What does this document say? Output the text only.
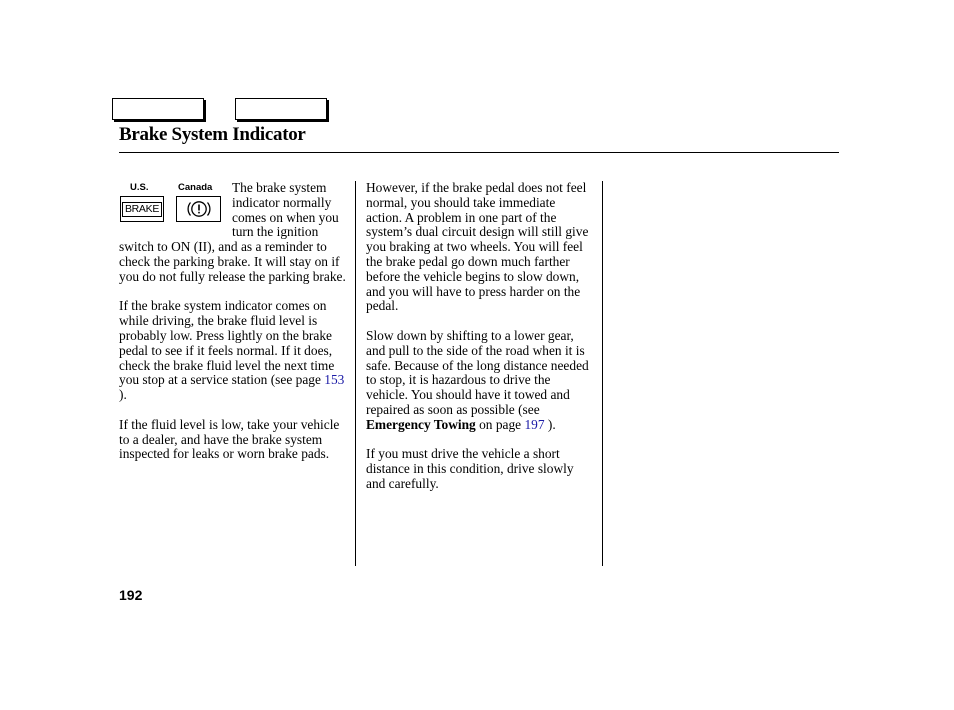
Brake System Indicator

U.S.	Canada
BRAKE
The brake system indicator normally comes on when you turn the ignition switch to ON (II), and as a reminder to check the parking brake. It will stay on if you do not fully release the parking brake.

If the brake system indicator comes on while driving, the brake fluid level is probably low. Press lightly on the brake pedal to see if it feels normal. If it does, check the brake fluid level the next time you stop at a service station (see page 153 ).

If the fluid level is low, take your vehicle to a dealer, and have the brake system inspected for leaks or worn brake pads.

However, if the brake pedal does not feel normal, you should take immediate action. A problem in one part of the system’s dual circuit design will still give you braking at two wheels. You will feel the brake pedal go down much farther before the vehicle begins to slow down, and you will have to press harder on the pedal.

Slow down by shifting to a lower gear, and pull to the side of the road when it is safe. Because of the long distance needed to stop, it is hazardous to drive the vehicle. You should have it towed and repaired as soon as possible (see Emergency Towing on page 197 ).

If you must drive the vehicle a short distance in this condition, drive slowly and carefully.

192
